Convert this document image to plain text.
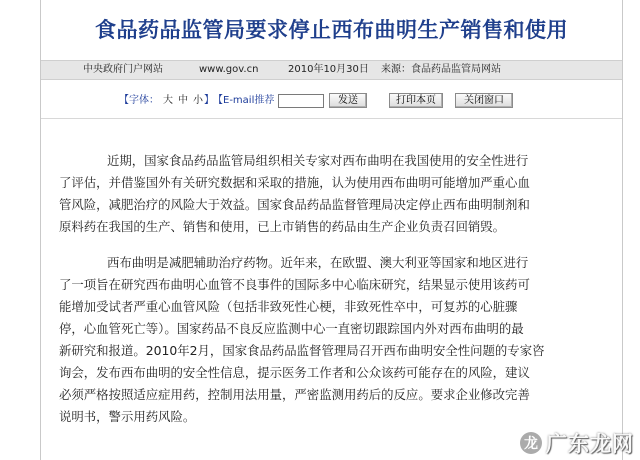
食品药品监管局要求停止西布曲明生产销售和使用
中央政府门户网站	www.gov.cn	2010年10月30日 来源：食品药品监管局网站
【字体： 大 中 小 】 【E-mail推荐	发送	打印本页	关闭窗口

近期，国家食品药品监管局组织相关专家对西布曲明在我国使用的安全性进行
了评估，并借鉴国外有关研究数据和采取的措施，认为使用西布曲明可能增加严重心血
管风险，减肥治疗的风险大于效益。国家食品药品监督管理局决定停止西布曲明制剂和
原料药在我国的生产、销售和使用，已上市销售的药品由生产企业负责召回销毁。

西布曲明是减肥辅助治疗药物。近年来，在欧盟、澳大利亚等国家和地区进行
了一项旨在研究西布曲明心血管不良事件的国际多中心临床研究，结果显示使用该药可
能增加受试者严重心血管风险（包括非致死性心梗，非致死性卒中，可复苏的心脏骤
停，心血管死亡等）。国家药品不良反应监测中心一直密切跟踪国内外对西布曲明的最
新研究和报道。2010年2月，国家食品药品监督管理局召开西布曲明安全性问题的专家咨
询会，发布西布曲明的安全性信息，提示医务工作者和公众该药可能存在的风险，建议
必须严格按照适应症用药，控制用法用量，严密监测用药后的反应。要求企业修改完善
说明书，警示用药风险。

龙 广东龙网
